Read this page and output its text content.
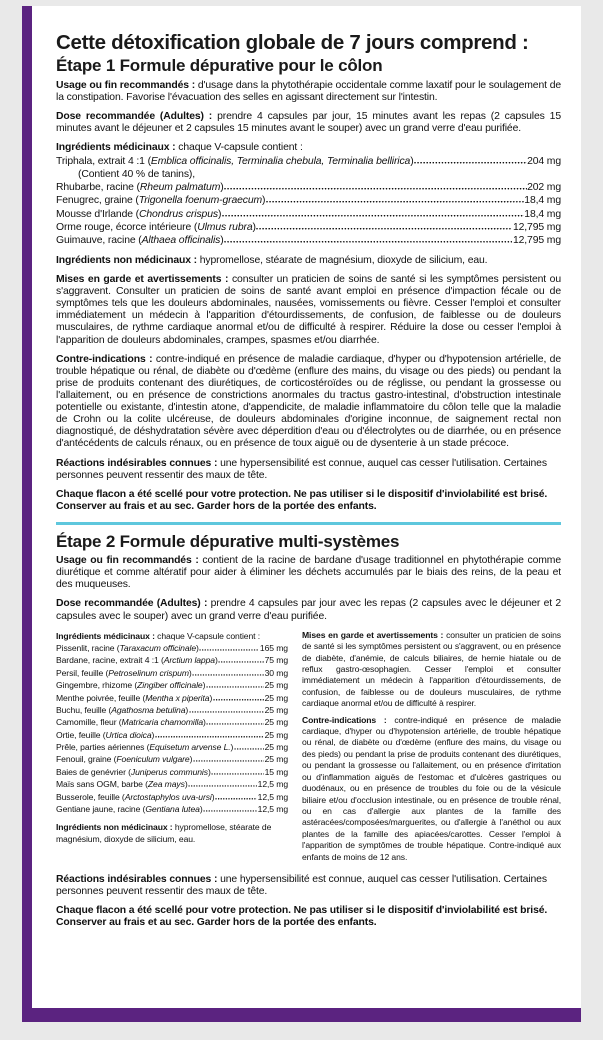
Cette détoxification globale de 7 jours comprend :
Étape 1 Formule dépurative pour le côlon

Usage ou fin recommandés : d'usage dans la phytothérapie occidentale comme laxatif pour le soulagement de la constipation. Favorise l'évacuation des selles en agissant directement sur l'intestin.

Dose recommandée (Adultes) : prendre 4 capsules par jour, 15 minutes avant les repas (2 capsules 15 minutes avant le déjeuner et 2 capsules 15 minutes avant le souper) avec un grand verre d'eau purifiée.

Ingrédients médicinaux : chaque V-capsule contient :
Triphala, extrait 4 :1 (Emblica officinalis, Terminalia chebula, Terminalia bellirica)	204 mg
(Contient 40 % de tanins),
Rhubarbe, racine (Rheum palmatum)	202 mg
Fenugrec, graine (Trigonella foenum-graecum)	18,4 mg
Mousse d'Irlande (Chondrus crispus)	18,4 mg
Orme rouge, écorce intérieure (Ulmus rubra)	12,795 mg
Guimauve, racine (Althaea officinalis)	12,795 mg

Ingrédients non médicinaux : hypromellose, stéarate de magnésium, dioxyde de silicium, eau.

Mises en garde et avertissements : consulter un praticien de soins de santé si les symptômes persistent ou s'aggravent. Consulter un praticien de soins de santé avant emploi en présence d'impaction fécale ou de symptômes tels que les douleurs abdominales, nausées, vomissements ou fièvre. Cesser l'emploi et consulter immédiatement un médecin à l'apparition d'étourdissements, de confusion, de faiblesse ou de douleurs musculaires, de rythme cardiaque anormal et/ou de difficulté à respirer. Réduire la dose ou cesser l'emploi à l'apparition de douleurs abdominales, crampes, spasmes et/ou diarrhée.

Contre-indications : contre-indiqué en présence de maladie cardiaque, d'hyper ou d'hypotension artérielle, de trouble hépatique ou rénal, de diabète ou d'œdème (enflure des mains, du visage ou des pieds) ou pendant la prise de produits contenant des diurétiques, de corticostéroïdes ou de réglisse, ou pendant la grossesse ou l'allaitement, ou en présence de constrictions anormales du tractus gastro-intestinal, d'obstruction intestinale potentielle ou existante, d'intestin atone, d'appendicite, de maladie inflammatoire du côlon telle que la maladie de Crohn ou la colite ulcéreuse, de douleurs abdominales d'origine inconnue, de saignement rectal non diagnostiqué, de déshydratation sévère avec déperdition d'eau ou d'électrolytes ou de diarrhée, ou en présence d'antécédents de calculs rénaux, ou en présence de toux aiguë ou de dysenterie à un stade précoce.

Réactions indésirables connues : une hypersensibilité est connue, auquel cas cesser l'utilisation. Certaines personnes peuvent ressentir des maux de tête.

Chaque flacon a été scellé pour votre protection. Ne pas utiliser si le dispositif d'inviolabilité est brisé. Conserver au frais et au sec. Garder hors de la portée des enfants.

Étape 2 Formule dépurative multi-systèmes

Usage ou fin recommandés : contient de la racine de bardane d'usage traditionnel en phytothérapie comme diurétique et comme altératif pour aider à éliminer les déchets accumulés par le biais des reins, de la peau et des muqueuses.

Dose recommandée (Adultes) : prendre 4 capsules par jour avec les repas (2 capsules avec le déjeuner et 2 capsules avec le souper) avec un grand verre d'eau purifiée.

Ingrédients médicinaux : chaque V-capsule contient :
Pissenlit, racine (Taraxacum officinale)	165 mg
Bardane, racine, extrait 4 :1 (Arctium lappa)	75 mg
Persil, feuille (Petroselinum crispum)	30 mg
Gingembre, rhizome (Zingiber officinale)	25 mg
Menthe poivrée, feuille (Mentha x piperita)	25 mg
Buchu, feuille (Agathosma betulina)	25 mg
Camomille, fleur (Matricaria chamomilla)	25 mg
Ortie, feuille (Urtica dioica)	25 mg
Prêle, parties aériennes (Equisetum arvense L.)	25 mg
Fenouil, graine (Foeniculum vulgare)	25 mg
Baies de genévrier (Juniperus communis)	15 mg
Maïs sans OGM, barbe (Zea mays)	12,5 mg
Busserole, feuille (Arctostaphylos uva-ursi)	12,5 mg
Gentiane jaune, racine (Gentiana lutea)	12,5 mg
Ingrédients non médicinaux : hypromellose, stéarate de magnésium, dioxyde de silicium, eau.

Mises en garde et avertissements : consulter un praticien de soins de santé si les symptômes persistent ou s'aggravent, ou en présence de diabète, d'anémie, de calculs biliaires, de hernie hiatale ou de reflux gastro-œsophagien. Cesser l'emploi et consulter immédiatement un médecin à l'apparition d'étourdissements, de confusion, de faiblesse ou de douleurs musculaires, de rythme cardiaque anormal et/ou de difficulté à respirer.

Contre-indications : contre-indiqué en présence de maladie cardiaque, d'hyper ou d'hypotension artérielle, de trouble hépatique ou rénal, de diabète ou d'œdème (enflure des mains, du visage ou des pieds) ou pendant la prise de produits contenant des diurétiques, ou pendant la grossesse ou l'allaitement, ou en présence d'irritation ou d'inflammation aiguës de l'estomac et d'ulcères gastriques ou duodénaux, ou en présence de troubles du foie ou de la vésicule biliaire et/ou d'occlusion intestinale, ou en présence de trouble rénal, ou en cas d'allergie aux plantes de la famille des astéracées/composées/marguerites, ou d'allergie à l'anéthol ou aux plantes de la famille des apiacées/carottes. Cesser l'emploi à l'apparition de symptômes de trouble hépatique. Contre-indiqué aux enfants de moins de 12 ans.

Réactions indésirables connues : une hypersensibilité est connue, auquel cas cesser l'utilisation. Certaines personnes peuvent ressentir des maux de tête.

Chaque flacon a été scellé pour votre protection. Ne pas utiliser si le dispositif d'inviolabilité est brisé. Conserver au frais et au sec. Garder hors de la portée des enfants.
